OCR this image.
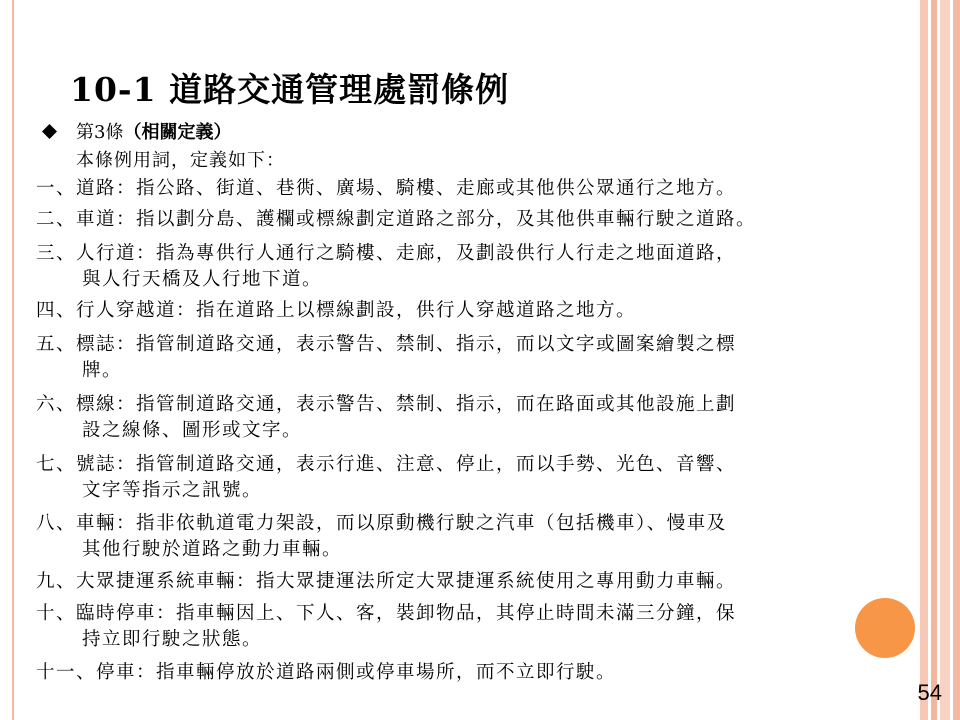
10-1 道路交通管理處罰條例
第3條（相關定義）
本條例用詞，定義如下：
一、道路：指公路、街道、巷衖、廣場、騎樓、走廊或其他供公眾通行之地方。
二、車道：指以劃分島、護欄或標線劃定道路之部分，及其他供車輛行駛之道路。
三、人行道：指為專供行人通行之騎樓、走廊，及劃設供行人行走之地面道路，
與人行天橋及人行地下道。
四、行人穿越道：指在道路上以標線劃設，供行人穿越道路之地方。
五、標誌：指管制道路交通，表示警告、禁制、指示，而以文字或圖案繪製之標
牌。
六、標線：指管制道路交通，表示警告、禁制、指示，而在路面或其他設施上劃
設之線條、圖形或文字。
七、號誌：指管制道路交通，表示行進、注意、停止，而以手勢、光色、音響、
文字等指示之訊號。
八、車輛：指非依軌道電力架設，而以原動機行駛之汽車（包括機車）、慢車及
其他行駛於道路之動力車輛。
九、大眾捷運系統車輛：指大眾捷運法所定大眾捷運系統使用之專用動力車輛。
十、臨時停車：指車輛因上、下人、客，裝卸物品，其停止時間未滿三分鐘，保
持立即行駛之狀態。
十一、停車：指車輛停放於道路兩側或停車場所，而不立即行駛。
54
